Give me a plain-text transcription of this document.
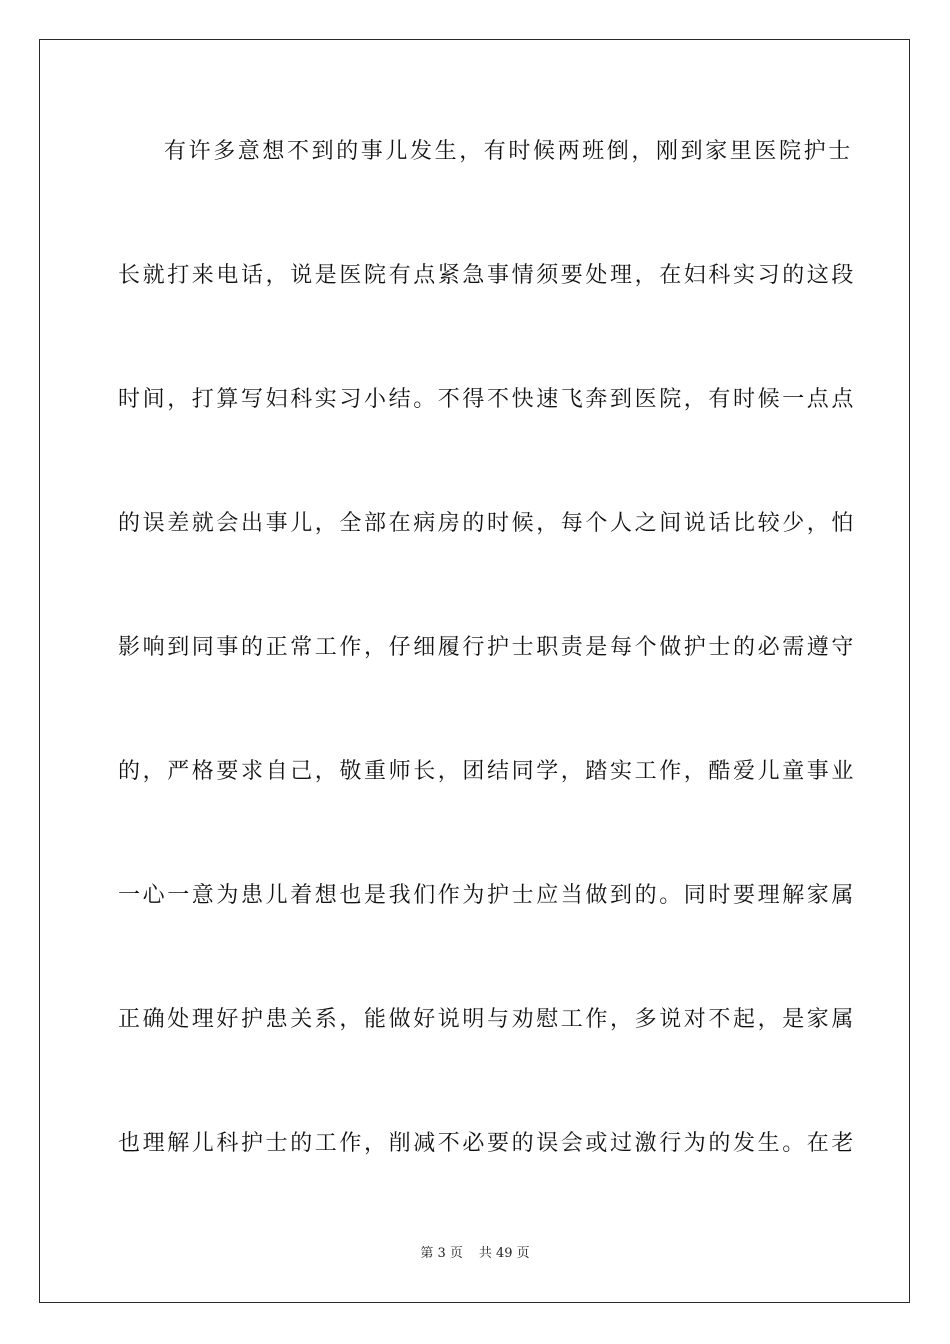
有许多意想不到的事儿发生，有时候两班倒，刚到家里医院护士
长就打来电话，说是医院有点紧急事情须要处理，在妇科实习的这段
时间，打算写妇科实习小结。不得不快速飞奔到医院，有时候一点点
的误差就会出事儿，全部在病房的时候，每个人之间说话比较少，怕
影响到同事的正常工作，仔细履行护士职责是每个做护士的必需遵守
的，严格要求自己，敬重师长，团结同学，踏实工作，酷爱儿童事业
一心一意为患儿着想也是我们作为护士应当做到的。同时要理解家属
正确处理好护患关系，能做好说明与劝慰工作，多说对不起，是家属
也理解儿科护士的工作，削减不必要的误会或过激行为的发生。在老
第 3 页 共 49 页
